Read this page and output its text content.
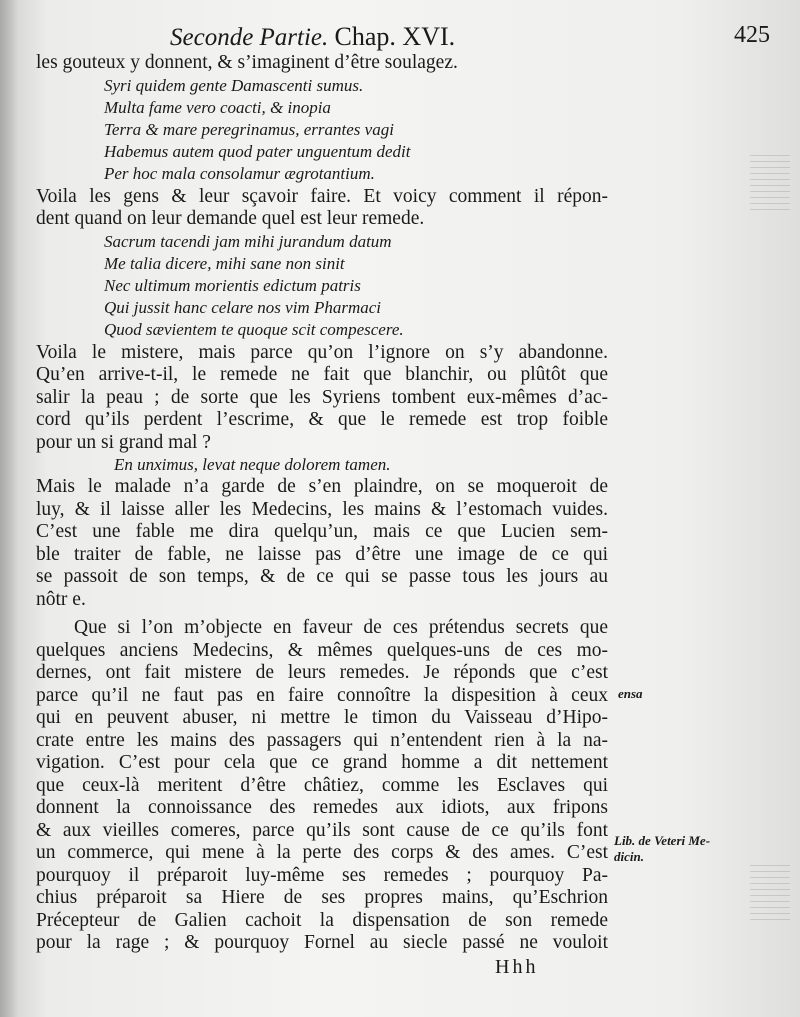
Seconde Partie. Chap. XVI.	425

les gouteux y donnent, & s’imaginent d’être soulagez.

Syri quidem gente Damascenti sumus.
Multa fame vero coacti, & inopia
Terra & mare peregrinamus, errantes vagi
Habemus autem quod pater unguentum dedit
Per hoc mala consolamur ægrotantium.

Voila les gens & leur sçavoir faire. Et voicy comment il répon-
dent quand on leur demande quel est leur remede.

Sacrum tacendi jam mihi jurandum datum
Me talia dicere, mihi sane non sinit
Nec ultimum morientis edictum patris
Qui jussit hanc celare nos vim Pharmaci
Quod sævientem te quoque scit compescere.

Voila le mistere, mais parce qu’on l’ignore on s’y abandonne.
Qu’en arrive-t-il, le remede ne fait que blanchir, ou plûtôt que
salir la peau ; de sorte que les Syriens tombent eux-mêmes d’ac-
cord qu’ils perdent l’escrime, & que le remede est trop foible
pour un si grand mal ?

En unximus, levat neque dolorem tamen.

Mais le malade n’a garde de s’en plaindre, on se moqueroit de
luy, & il laisse aller les Medecins, les mains & l’estomach vuides.
C’est une fable me dira quelqu’un, mais ce que Lucien sem-
ble traiter de fable, ne laisse pas d’être une image de ce qui
se passoit de son temps, & de ce qui se passe tous les jours au
nôtr e.

Que si l’on m’objecte en faveur de ces prétendus secrets que
quelques anciens Medecins, & mêmes quelques-uns de ces mo-
dernes, ont fait mistere de leurs remedes. Je réponds que c’est
parce qu’il ne faut pas en faire connoître la dispesition à ceux
qui en peuvent abuser, ni mettre le timon du Vaisseau d’Hipo-
crate entre les mains des passagers qui n’entendent rien à la na-
vigation. C’est pour cela que ce grand homme a dit nettement
que ceux-là meritent d’être châtiez, comme les Esclaves qui
donnent la connoissance des remedes aux idiots, aux fripons
& aux vieilles comeres, parce qu’ils sont cause de ce qu’ils font
un commerce, qui mene à la perte des corps & des ames. C’est
pourquoy il préparoit luy-même ses remedes ; pourquoy Pa-
chius préparoit sa Hiere de ses propres mains, qu’Eschrion
Précepteur de Galien cachoit la dispensation de son remede
pour la rage ; & pourquoy Fornel au siecle passé ne vouloit

ensa
Lib. de Veteri Me-
dicin.
Hhh
